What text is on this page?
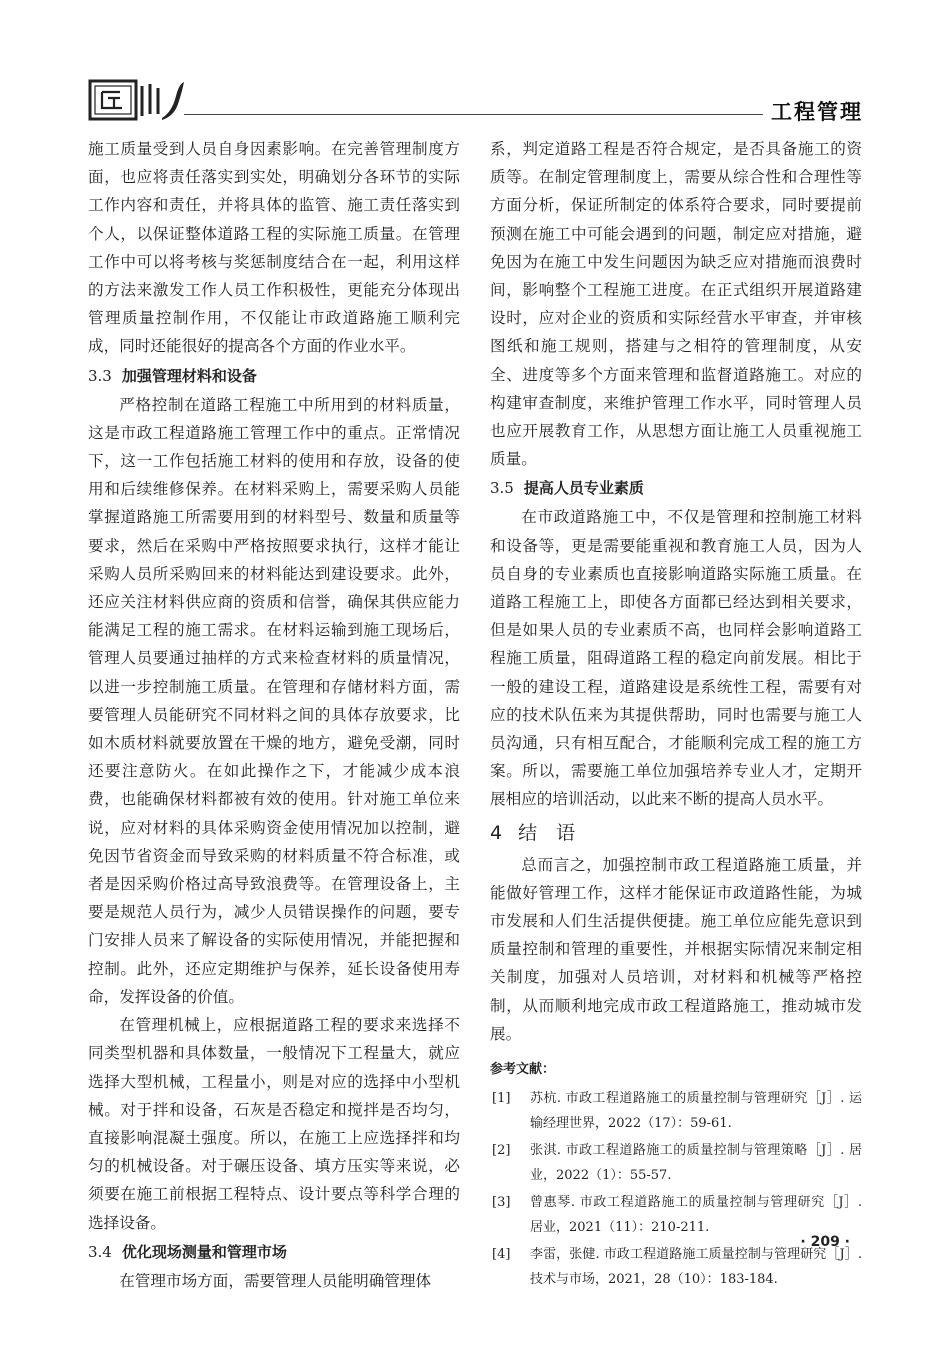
工程管理

施工质量受到人员自身因素影响。在完善管理制度方面，也应将责任落实到实处，明确划分各环节的实际工作内容和责任，并将具体的监管、施工责任落实到个人，以保证整体道路工程的实际施工质量。在管理工作中可以将考核与奖惩制度结合在一起，利用这样的方法来激发工作人员工作积极性，更能充分体现出管理质量控制作用，不仅能让市政道路施工顺利完成，同时还能很好的提高各个方面的作业水平。

3.3 加强管理材料和设备

严格控制在道路工程施工中所用到的材料质量，这是市政工程道路施工管理工作中的重点。正常情况下，这一工作包括施工材料的使用和存放，设备的使用和后续维修保养。在材料采购上，需要采购人员能掌握道路施工所需要用到的材料型号、数量和质量等要求，然后在采购中严格按照要求执行，这样才能让采购人员所采购回来的材料能达到建设要求。此外，还应关注材料供应商的资质和信誉，确保其供应能力能满足工程的施工需求。在材料运输到施工现场后，管理人员要通过抽样的方式来检查材料的质量情况，以进一步控制施工质量。在管理和存储材料方面，需要管理人员能研究不同材料之间的具体存放要求，比如木质材料就要放置在干燥的地方，避免受潮，同时还要注意防火。在如此操作之下，才能减少成本浪费，也能确保材料都被有效的使用。针对施工单位来说，应对材料的具体采购资金使用情况加以控制，避免因节省资金而导致采购的材料质量不符合标准，或者是因采购价格过高导致浪费等。在管理设备上，主要是规范人员行为，减少人员错误操作的问题，要专门安排人员来了解设备的实际使用情况，并能把握和控制。此外，还应定期维护与保养，延长设备使用寿命，发挥设备的价值。

在管理机械上，应根据道路工程的要求来选择不同类型机器和具体数量，一般情况下工程量大，就应选择大型机械，工程量小，则是对应的选择中小型机械。对于拌和设备，石灰是否稳定和搅拌是否均匀，直接影响混凝土强度。所以，在施工上应选择拌和均匀的机械设备。对于碾压设备、填方压实等来说，必须要在施工前根据工程特点、设计要点等科学合理的选择设备。

3.4 优化现场测量和管理市场

在管理市场方面，需要管理人员能明确管理体

系，判定道路工程是否符合规定，是否具备施工的资质等。在制定管理制度上，需要从综合性和合理性等方面分析，保证所制定的体系符合要求，同时要提前预测在施工中可能会遇到的问题，制定应对措施，避免因为在施工中发生问题因为缺乏应对措施而浪费时间，影响整个工程施工进度。在正式组织开展道路建设时，应对企业的资质和实际经营水平审查，并审核图纸和施工规则，搭建与之相符的管理制度，从安全、进度等多个方面来管理和监督道路施工。对应的构建审查制度，来维护管理工作水平，同时管理人员也应开展教育工作，从思想方面让施工人员重视施工质量。

3.5 提高人员专业素质

在市政道路施工中，不仅是管理和控制施工材料和设备等，更是需要能重视和教育施工人员，因为人员自身的专业素质也直接影响道路实际施工质量。在道路工程施工上，即使各方面都已经达到相关要求，但是如果人员的专业素质不高，也同样会影响道路工程施工质量，阻碍道路工程的稳定向前发展。相比于一般的建设工程，道路建设是系统性工程，需要有对应的技术队伍来为其提供帮助，同时也需要与施工人员沟通，只有相互配合，才能顺利完成工程的施工方案。所以，需要施工单位加强培养专业人才，定期开展相应的培训活动，以此来不断的提高人员水平。

4 结　语

总而言之，加强控制市政工程道路施工质量，并能做好管理工作，这样才能保证市政道路性能，为城市发展和人们生活提供便捷。施工单位应能先意识到质量控制和管理的重要性，并根据实际情况来制定相关制度，加强对人员培训，对材料和机械等严格控制，从而顺利地完成市政工程道路施工，推动城市发展。

参考文献：
[1] 苏杭. 市政工程道路施工的质量控制与管理研究［J］. 运输经理世界，2022（17）：59-61.
[2] 张淇. 市政工程道路施工的质量控制与管理策略［J］. 居业，2022（1）：55-57.
[3] 曾惠琴. 市政工程道路施工的质量控制与管理研究［J］. 居业，2021（11）：210-211.
[4] 李雷，张健. 市政工程道路施工质量控制与管理研究［J］. 技术与市场，2021，28（10）：183-184.
· 209 ·
